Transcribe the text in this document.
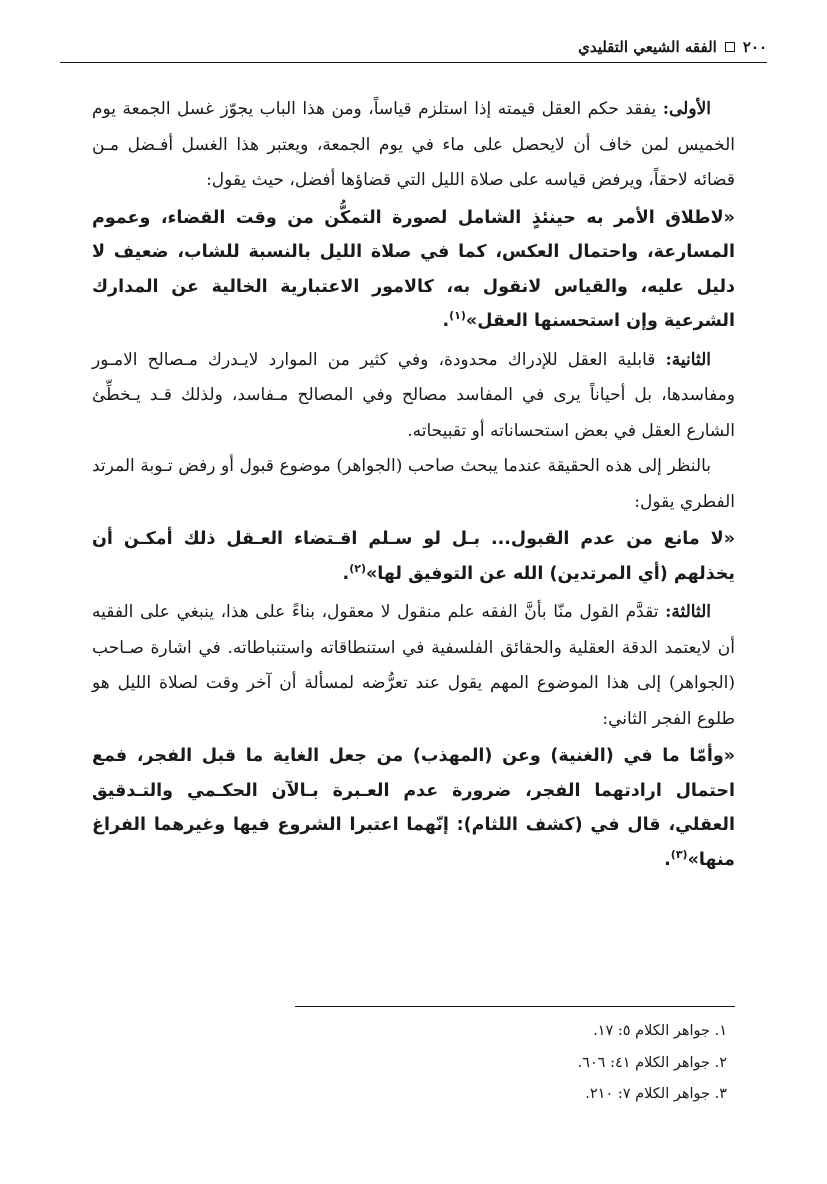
٢٠٠
الفقه الشيعي التقليدي

الأولى: يفقد حكم العقل قيمته إذا استلزم قياساً، ومن هذا الباب يجوّز غسل الجمعة يوم الخميس لمن خاف أن لايحصل على ماء في يوم الجمعة، ويعتبر هذا الغسل أفـضل مـن قضائه لاحقاً، ويرفض قياسه على صلاة الليل التي قضاؤها أفضل، حيث يقول:

«لاطلاق الأمر به حينئذٍ الشامل لصورة التمكُّن من وقت القضاء، وعموم المسارعة، واحتمال العكس، كما في صلاة الليل بالنسبة للشاب، ضعيف لا دليل عليه، والقياس لانقول به، كالامور الاعتبارية الخالية عن المدارك الشرعية وإن استحسنها العقل»$^{(١)}$.

الثانية: قابلية العقل للإدراك محدودة، وفي كثير من الموارد لايـدرك مـصالح الامـور ومفاسدها، بل أحياناً يرى في المفاسد مصالح وفي المصالح مـفاسد، ولذلك قـد يـخطِّئ الشارع العقل في بعض استحساناته أو تقبيحاته.

بالنظر إلى هذه الحقيقة عندما يبحث صاحب (الجواهر) موضوع قبول أو رفض تـوبة المرتد الفطري يقول:

«لا مانع من عدم القبول... بـل لو سـلم اقـتضاء العـقل ذلك أمكـن أن يخذلهم (أي المرتدين) الله عن التوفيق لها»$^{(٢)}$.

الثالثة: تقدَّم القول منّا بأنَّ الفقه علم منقول لا معقول، بناءً على هذا، ينبغي على الفقيه أن لايعتمد الدقة العقلية والحقائق الفلسفية في استنطاقاته واستنباطاته. في اشارة صـاحب (الجواهر) إلى هذا الموضوع المهم يقول عند تعرُّضه لمسألة أن آخر وقت لصلاة الليل هو طلوع الفجر الثاني:

«وأمّا ما في (الغنية) وعن (المهذب) من جعل الغاية ما قبل الفجر، فمع احتمال ارادتهما الفجر، ضرورة عدم العـبرة بـالآن الحكـمي والتـدقيق العقلي، قال في (كشف اللثام): إنّهما اعتبرا الشروع فيها وغيرهما الفراغ منها»$^{(٣)}$.

١. جواهر الكلام ٥: ١٧.

٢. جواهر الكلام ٤١: ٦٠٦.

٣. جواهر الكلام ٧: ٢١٠.
